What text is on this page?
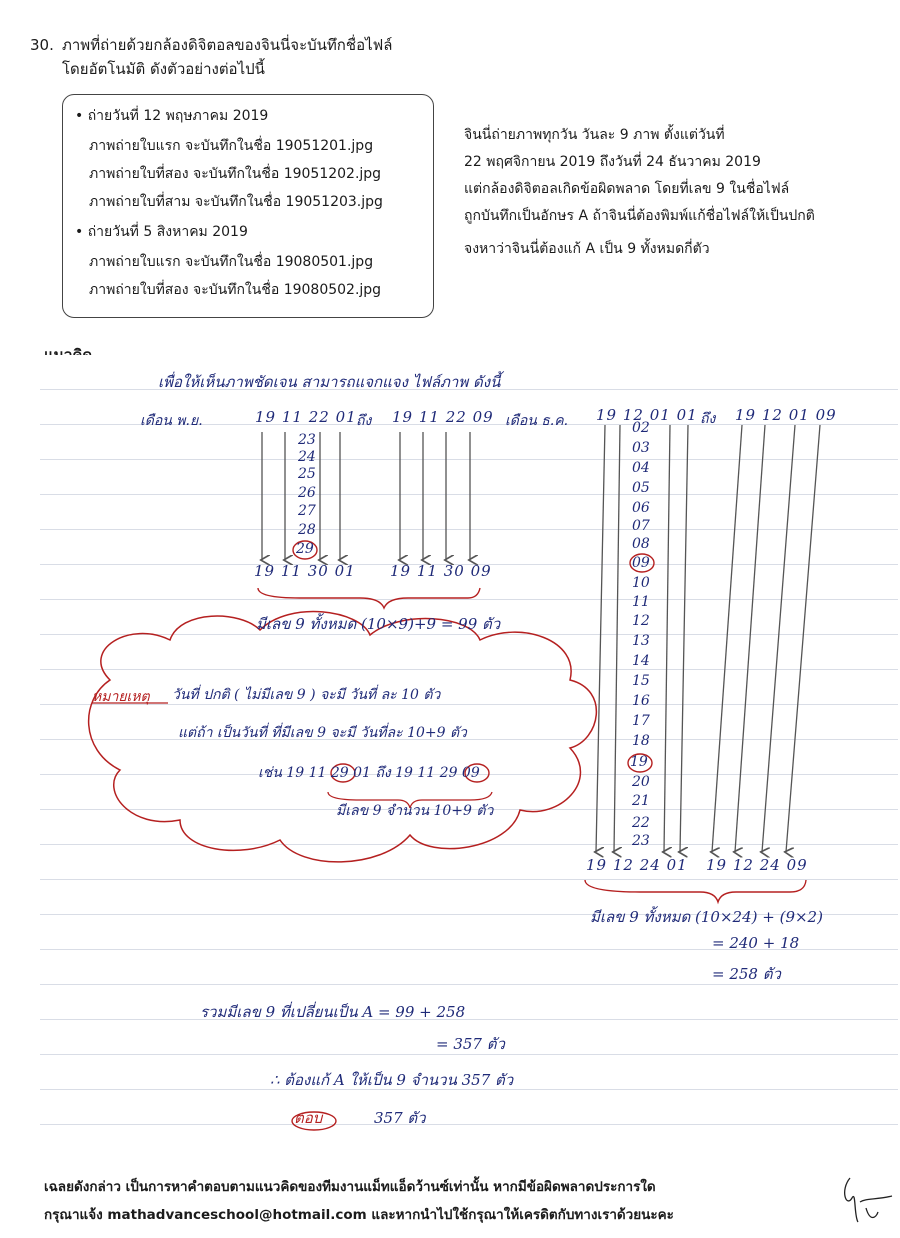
30. ภาพที่ถ่ายด้วยกล้องดิจิตอลของจินนี่จะบันทึกชื่อไฟล์
โดยอัตโนมัติ ดังตัวอย่างต่อไปนี้
• ถ่ายวันที่ 12 พฤษภาคม 2019
ภาพถ่ายใบแรก จะบันทึกในชื่อ 19051201.jpg
ภาพถ่ายใบที่สอง จะบันทึกในชื่อ 19051202.jpg
ภาพถ่ายใบที่สาม จะบันทึกในชื่อ 19051203.jpg
• ถ่ายวันที่ 5 สิงหาคม 2019
ภาพถ่ายใบแรก จะบันทึกในชื่อ 19080501.jpg
ภาพถ่ายใบที่สอง จะบันทึกในชื่อ 19080502.jpg
จินนี่ถ่ายภาพทุกวัน วันละ 9 ภาพ ตั้งแต่วันที่
22 พฤศจิกายน 2019 ถึงวันที่ 24 ธันวาคม 2019
แต่กล้องดิจิตอลเกิดข้อผิดพลาด โดยที่เลข 9 ในชื่อไฟล์
ถูกบันทึกเป็นอักษร A ถ้าจินนี่ต้องพิมพ์แก้ชื่อไฟล์ให้เป็นปกติ
จงหาว่าจินนี่ต้องแก้ A เป็น 9 ทั้งหมดกี่ตัว
เพื่อให้เห็นภาพชัดเจน สามารถแจกแจง ไฟล์ภาพ ดังนี้
เดือน พ.ย.	19 11 22 01 ถึง 19 11 22 09 เดือน ธ.ค. 19 12 01 01 ถึง 19 12 01 09
23
24
25
26
27
28
29
19 11 30 01 19 11 30 09
มีเลข 9 ทั้งหมด (10×9)+9 = 99 ตัว
02
03
04
05
06
07
08
09
10
11
12
13
14
15
16
17
18
19
20
21
22
23
19 12 24 01 19 12 24 09
มีเลข 9 ทั้งหมด (10×24) + (9×2)
= 240 + 18
= 258 ตัว
หมายเหตุ วันที่ ปกติ ( ไม่มีเลข 9 ) จะมี วันที่ ละ 10 ตัว
แต่ถ้า เป็นวันที่ ที่มีเลข 9 จะมี วันที่ละ 10+9 ตัว
เช่น 19 11 29 01 ถึง 19 11 29 09
มีเลข 9 จำนวน 10+9 ตัว
รวมมีเลข 9 ที่เปลี่ยนเป็น A = 99 + 258
= 357 ตัว
∴ ต้องแก้ A ให้เป็น 9 จำนวน 357 ตัว
ตอบ	357 ตัว
เฉลยดังกล่าว เป็นการหาคำตอบตามแนวคิดของทีมงานแม็ทแอ็ดว้านซ์เท่านั้น หากมีข้อผิดพลาดประการใด
กรุณาแจ้ง mathadvanceschool@hotmail.com และหากนำไปใช้กรุณาให้เครดิตกับทางเราด้วยนะคะ
